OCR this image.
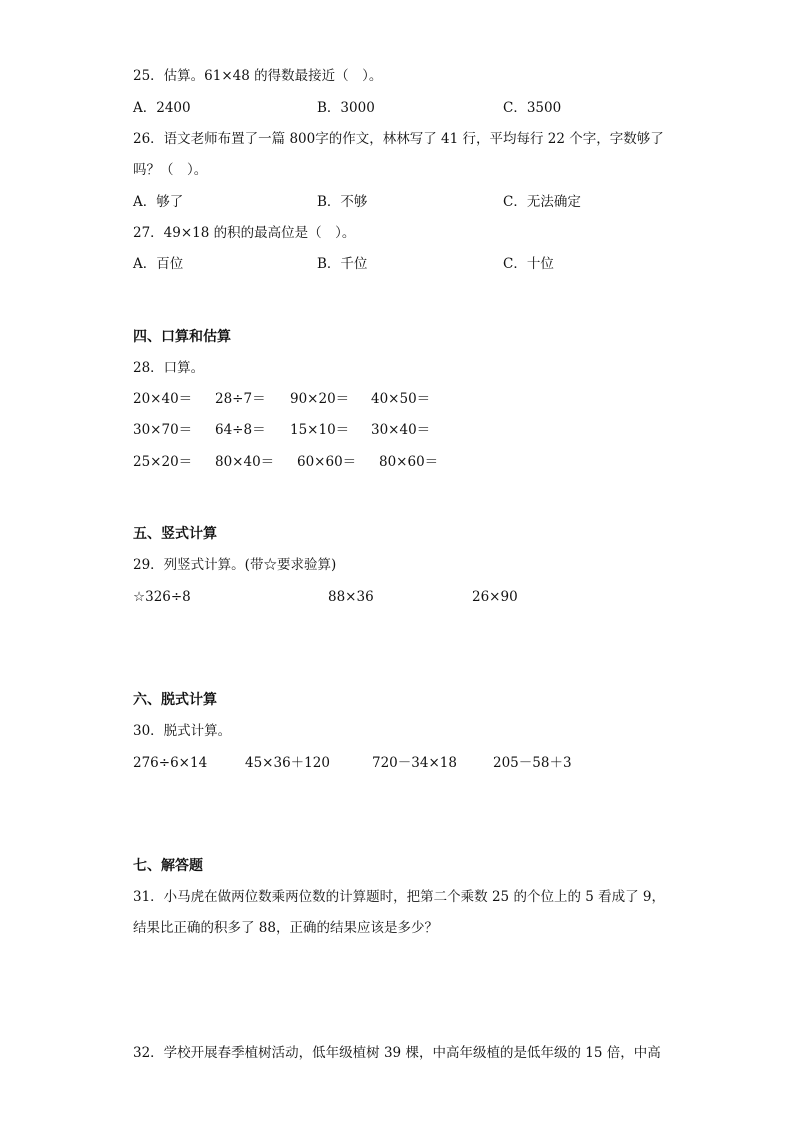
25．估算。61×48 的得数最接近（　）。
A．2400	B．3000	C．3500
26．语文老师布置了一篇 800字的作文，林林写了 41 行，平均每行 22 个字，字数够了
吗？（　）。
A．够了	B．不够	C．无法确定
27．49×18 的积的最高位是（　）。
A．百位	B．千位	C．十位
四、口算和估算
28．口算。
20×40＝ 28÷7＝ 90×20＝ 40×50＝
30×70＝ 64÷8＝ 15×10＝ 30×40＝
25×20＝ 80×40＝ 60×60＝ 80×60＝
五、竖式计算
29．列竖式计算。(带☆要求验算)
☆326÷8	88×36	26×90
六、脱式计算
30．脱式计算。
276÷6×14	45×36＋120	720－34×18	205－58＋3
七、解答题
31．小马虎在做两位数乘两位数的计算题时，把第二个乘数 25 的个位上的 5 看成了 9，
结果比正确的积多了 88，正确的结果应该是多少？
32．学校开展春季植树活动，低年级植树 39 棵，中高年级植的是低年级的 15 倍，中高
